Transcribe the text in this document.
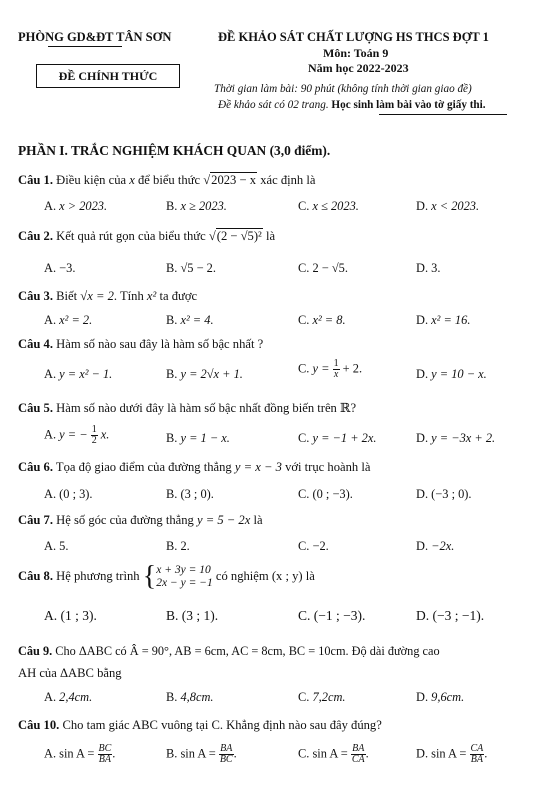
PHÒNG GD&ĐT TÂN SƠN	ĐỀ KHẢO SÁT CHẤT LƯỢNG HS THCS ĐỢT 1
Môn: Toán 9
Năm học 2022-2023
ĐỀ CHÍNH THỨC
Thời gian làm bài: 90 phút (không tính thời gian giao đề)
Đề khảo sát có 02 trang. Học sinh làm bài vào tờ giấy thi.
PHẦN I. TRẮC NGHIỆM KHÁCH QUAN (3,0 điểm).
Câu 1. Điều kiện của x để biểu thức √2023 − x xác định là
A. x > 2023.	B. x ≥ 2023.	C. x ≤ 2023.	D. x < 2023.
Câu 2. Kết quả rút gọn của biểu thức √(2 − √5)² là
A. −3.	B. √5 − 2.	C. 2 − √5.	D. 3.
Câu 3. Biết √x = 2. Tính x² ta được
A. x² = 2.	B. x² = 4.	C. x² = 8.	D. x² = 16.
Câu 4. Hàm số nào sau đây là hàm số bậc nhất ?
A. y = x² − 1.	B. y = 2√x + 1.	C. $y = \frac{1}{x} + 2$.	D. y = 10 − x.
Câu 5. Hàm số nào dưới đây là hàm số bậc nhất đồng biến trên ℝ?
A. y = − $\frac{1}{2} x$.	B. y = 1 − x.	C. y = −1 + 2x.	D. y = −3x + 2.
Câu 6. Tọa độ giao điểm của đường thẳng y = x − 3 với trục hoành là
A. (0 ; 3).	B. (3 ; 0).	C. (0 ; −3).	D. (−3 ; 0).
Câu 7. Hệ số góc của đường thẳng y = 5 − 2x là
A. 5.	B. 2.	C. −2.	D. −2x.
Câu 8. Hệ phương trình {x + 3y = 10
2x − y = −1 có nghiệm (x ; y) là
A. (1 ; 3).	B. (3 ; 1).	C. (−1 ; −3).	D. (−3 ; −1).
Câu 9. Cho ΔABC có Â = 90°, AB = 6cm, AC = 8cm, BC = 10cm. Độ dài đường cao
AH của ΔABC bằng
A. 2,4cm.	B. 4,8cm.	C. 7,2cm.	D. 9,6cm.
Câu 10. Cho tam giác ABC vuông tại C. Khẳng định nào sau đây đúng?
A. $\sin A = \frac{BC}{BA}$ .	B. $\sin A = \frac{BA}{BC}$ .	C. $\sin A = \frac{BA}{CA}$ .	D. $\sin A = \frac{CA}{BA}$ .
